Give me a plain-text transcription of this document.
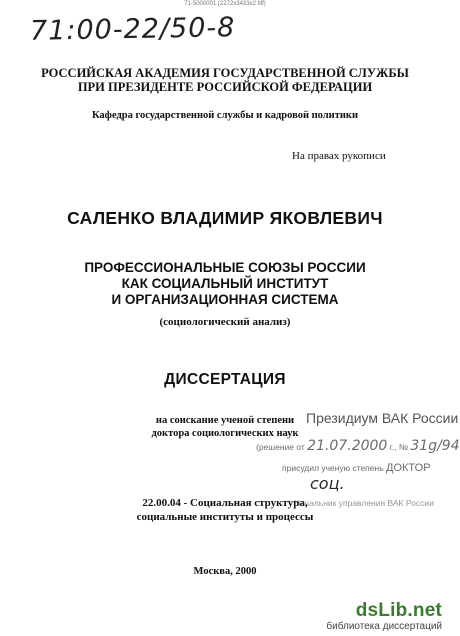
71-5000001 (2272x3433x2 tiff)
71:00-22/50-8
РОССИЙСКАЯ АКАДЕМИЯ ГОСУДАРСТВЕННОЙ СЛУЖБЫ
ПРИ ПРЕЗИДЕНТЕ РОССИЙСКОЙ ФЕДЕРАЦИИ
Кафедра государственной службы и кадровой политики
На правах рукописи
САЛЕНКО ВЛАДИМИР ЯКОВЛЕВИЧ
ПРОФЕССИОНАЛЬНЫЕ СОЮЗЫ РОССИИ
КАК СОЦИАЛЬНЫЙ ИНСТИТУТ
И ОРГАНИЗАЦИОННАЯ СИСТЕМА
(социологический анализ)
ДИССЕРТАЦИЯ
на соискание ученой степени
доктора социологических наук
Президиум ВАК России
(решение от 21.07.2000 г., № 31g/94
присудил ученую степень ДОКТОР
соц.
Начальник управления ВАК России
22.00.04 - Социальная структура,
социальные институты и процессы
Москва, 2000
dsLib.net
библиотека диссертаций
